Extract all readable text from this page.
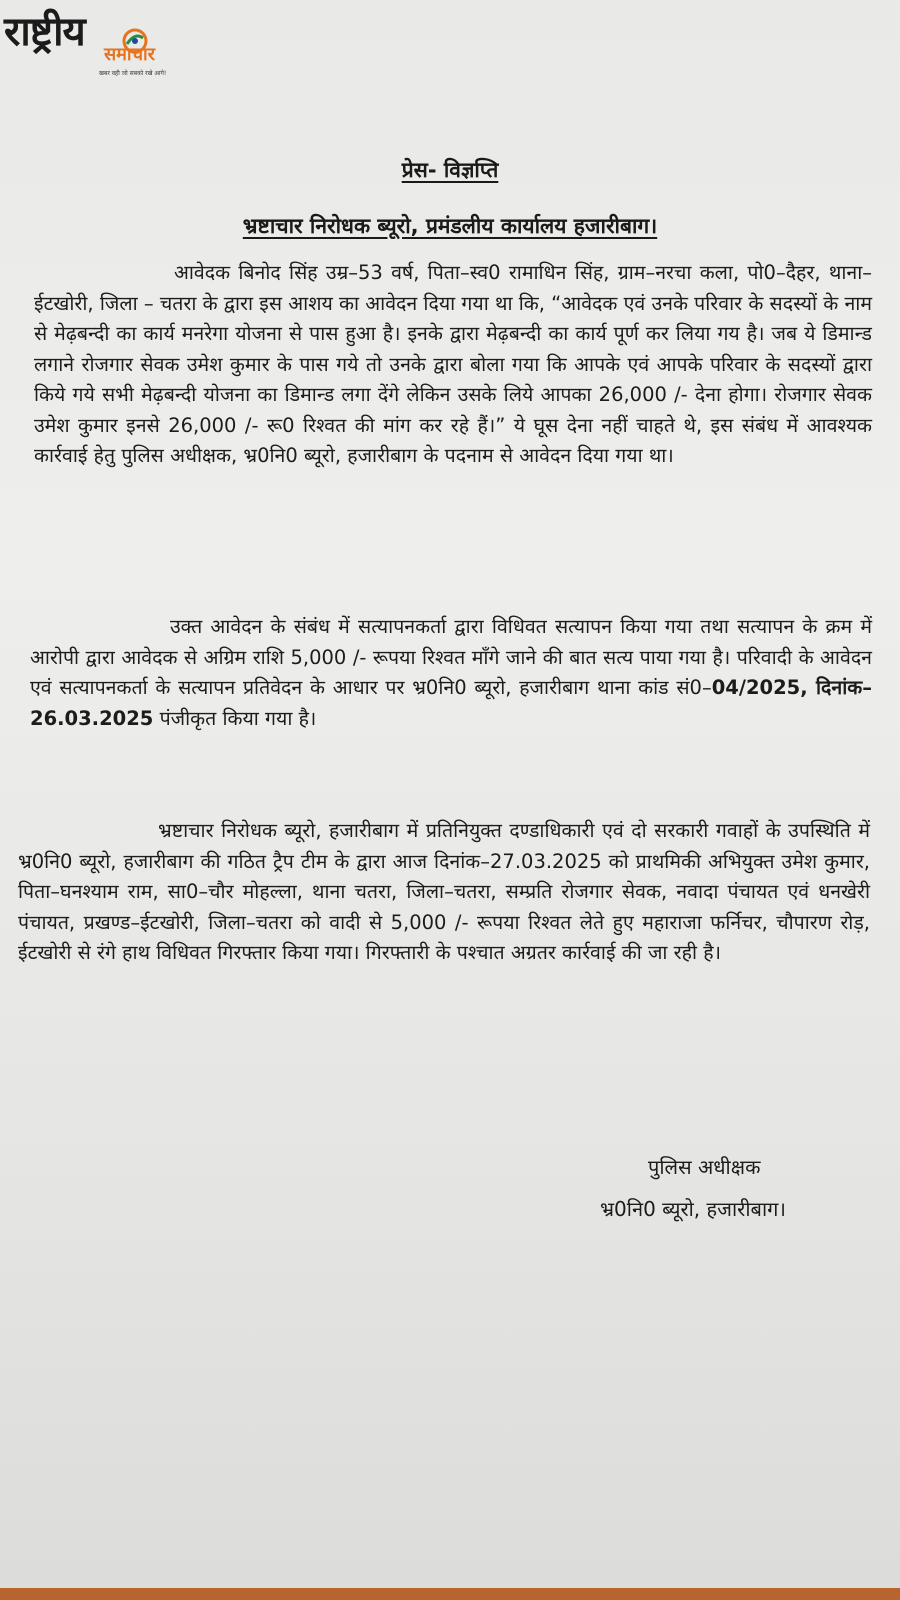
राष्ट्रीय समाचार
खबर वही जो सबको रखे आगे!
प्रेस- विज्ञप्ति
भ्रष्टाचार निरोधक ब्यूरो, प्रमंडलीय कार्यालय हजारीबाग।

आवेदक बिनोद सिंह उम्र–53 वर्ष, पिता–स्व0 रामाधिन सिंह, ग्राम–नरचा कला, पो0–दैहर, थाना–ईटखोरी, जिला – चतरा के द्वारा इस आशय का आवेदन दिया गया था कि, “आवेदक एवं उनके परिवार के सदस्यों के नाम से मेढ़बन्दी का कार्य मनरेगा योजना से पास हुआ है। इनके द्वारा मेढ़बन्दी का कार्य पूर्ण कर लिया गय है। जब ये डिमान्ड लगाने रोजगार सेवक उमेश कुमार के पास गये तो उनके द्वारा बोला गया कि आपके एवं आपके परिवार के सदस्यों द्वारा किये गये सभी मेढ़बन्दी योजना का डिमान्ड लगा देंगे लेकिन उसके लिये आपका 26,000 /- देना होगा। रोजगार सेवक उमेश कुमार इनसे 26,000 /- रू0 रिश्वत की मांग कर रहे हैं।” ये घूस देना नहीं चाहते थे, इस संबंध में आवश्यक कार्रवाई हेतु पुलिस अधीक्षक, भ्र0नि0 ब्यूरो, हजारीबाग के पदनाम से आवेदन दिया गया था।

उक्त आवेदन के संबंध में सत्यापनकर्ता द्वारा विधिवत सत्यापन किया गया तथा सत्यापन के क्रम में आरोपी द्वारा आवेदक से अग्रिम राशि 5,000 /- रूपया रिश्वत माँगे जाने की बात सत्य पाया गया है। परिवादी के आवेदन एवं सत्यापनकर्ता के सत्यापन प्रतिवेदन के आधार पर भ्र0नि0 ब्यूरो, हजारीबाग थाना कांड सं0–04/2025, दिनांक–26.03.2025 पंजीकृत किया गया है।

भ्रष्टाचार निरोधक ब्यूरो, हजारीबाग में प्रतिनियुक्त दण्डाधिकारी एवं दो सरकारी गवाहों के उपस्थिति में भ्र0नि0 ब्यूरो, हजारीबाग की गठित ट्रैप टीम के द्वारा आज दिनांक–27.03.2025 को प्राथमिकी अभियुक्त उमेश कुमार, पिता–घनश्याम राम, सा0–चौर मोहल्ला, थाना चतरा, जिला–चतरा, सम्प्रति रोजगार सेवक, नवादा पंचायत एवं धनखेरी पंचायत, प्रखण्ड–ईटखोरी, जिला–चतरा को वादी से 5,000 /- रूपया रिश्वत लेते हुए महाराजा फर्निचर, चौपारण रोड़, ईटखोरी से रंगे हाथ विधिवत गिरफ्तार किया गया। गिरफ्तारी के पश्चात अग्रतर कार्रवाई की जा रही है।

पुलिस अधीक्षक
भ्र0नि0 ब्यूरो, हजारीबाग।
